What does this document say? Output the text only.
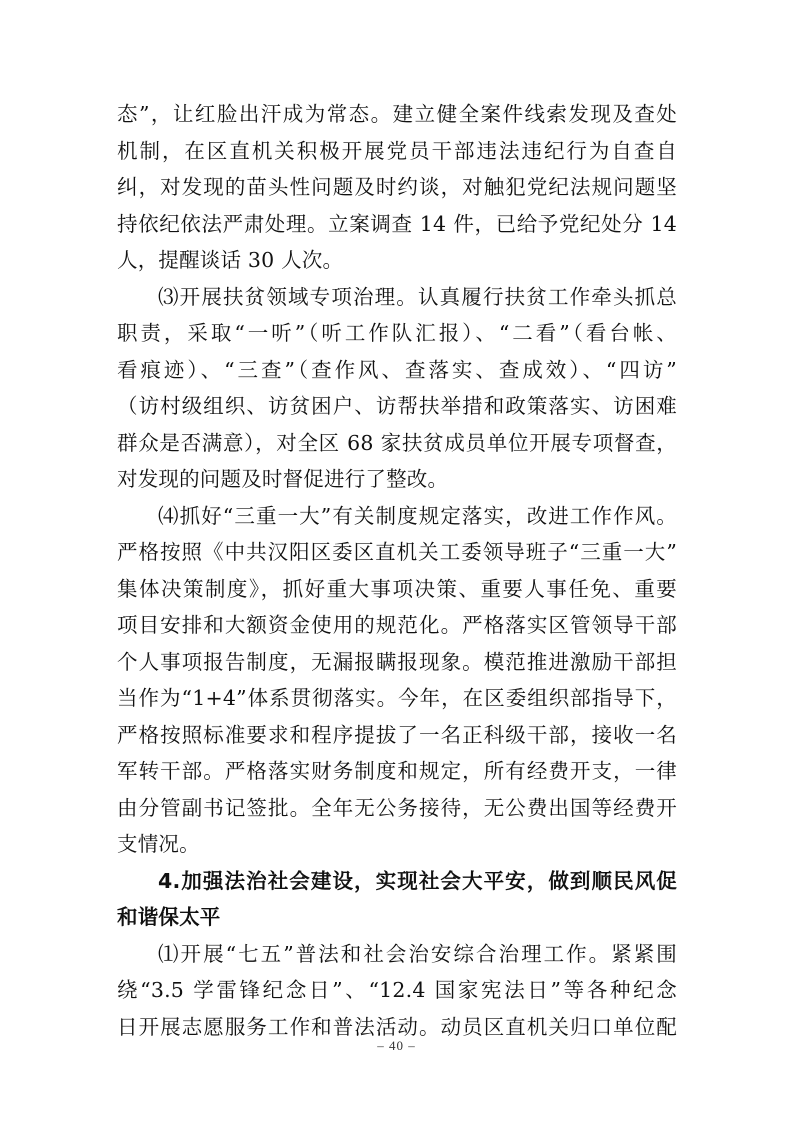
态”，让红脸出汗成为常态。建立健全案件线索发现及查处
机制，在区直机关积极开展党员干部违法违纪行为自查自
纠，对发现的苗头性问题及时约谈，对触犯党纪法规问题坚
持依纪依法严肃处理。立案调查 14 件，已给予党纪处分 14
人，提醒谈话 30 人次。
⑶开展扶贫领域专项治理。认真履行扶贫工作牵头抓总
职责，采取“一听”（听工作队汇报）、“二看”（看台帐、
看痕迹）、“三查”（查作风、查落实、查成效）、“四访”
（访村级组织、访贫困户、访帮扶举措和政策落实、访困难
群众是否满意），对全区 68 家扶贫成员单位开展专项督查，
对发现的问题及时督促进行了整改。
⑷抓好“三重一大”有关制度规定落实，改进工作作风。
严格按照《中共汉阳区委区直机关工委领导班子“三重一大”
集体决策制度》，抓好重大事项决策、重要人事任免、重要
项目安排和大额资金使用的规范化。严格落实区管领导干部
个人事项报告制度，无漏报瞒报现象。模范推进激励干部担
当作为“1+4”体系贯彻落实。今年，在区委组织部指导下，
严格按照标准要求和程序提拔了一名正科级干部，接收一名
军转干部。严格落实财务制度和规定，所有经费开支，一律
由分管副书记签批。全年无公务接待，无公费出国等经费开
支情况。
4.加强法治社会建设，实现社会大平安，做到顺民风促
和谐保太平
⑴开展“七五”普法和社会治安综合治理工作。紧紧围
绕“3.5 学雷锋纪念日”、“12.4 国家宪法日”等各种纪念
日开展志愿服务工作和普法活动。动员区直机关归口单位配
– 40 –
